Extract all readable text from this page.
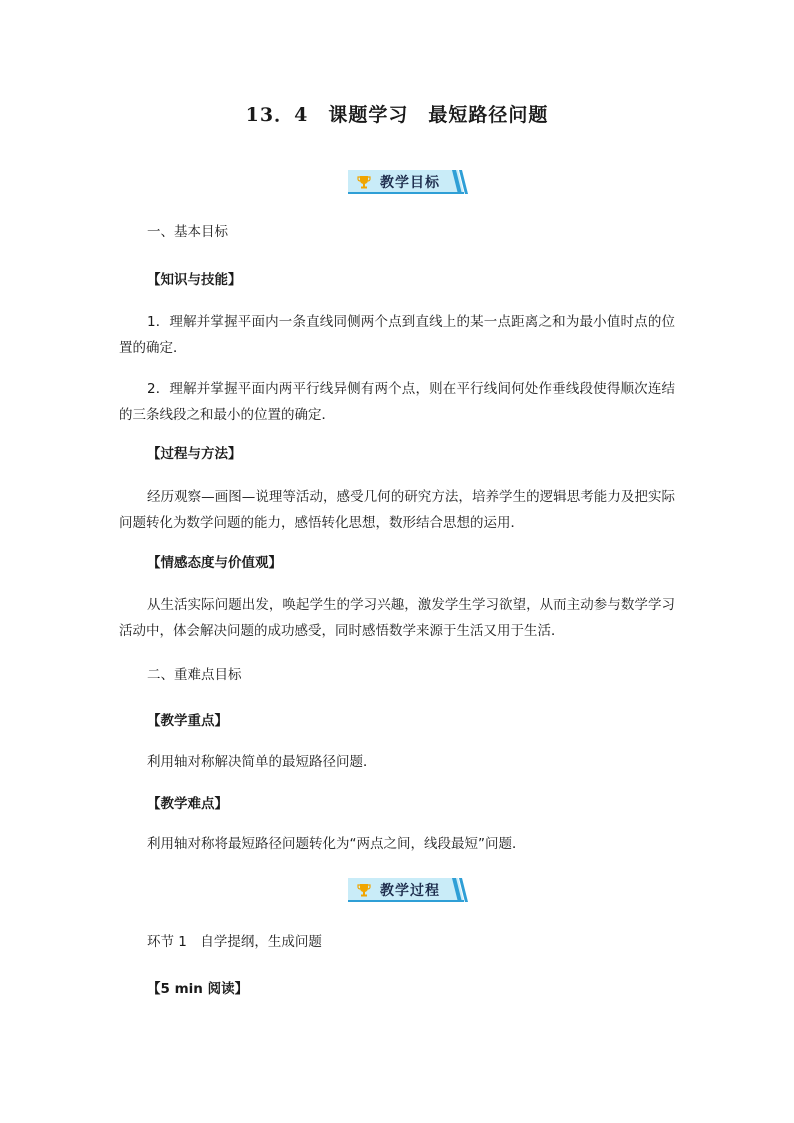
13．4　课题学习　最短路径问题
教学目标
一、基本目标
【知识与技能】
1．理解并掌握平面内一条直线同侧两个点到直线上的某一点距离之和为最小值时点的位置的确定．
2．理解并掌握平面内两平行线异侧有两个点，则在平行线间何处作垂线段使得顺次连结的三条线段之和最小的位置的确定．
【过程与方法】
经历观察—画图—说理等活动，感受几何的研究方法，培养学生的逻辑思考能力及把实际问题转化为数学问题的能力，感悟转化思想，数形结合思想的运用．
【情感态度与价值观】
从生活实际问题出发，唤起学生的学习兴趣，激发学生学习欲望，从而主动参与数学学习活动中，体会解决问题的成功感受，同时感悟数学来源于生活又用于生活．
二、重难点目标
【教学重点】
利用轴对称解决简单的最短路径问题．
【教学难点】
利用轴对称将最短路径问题转化为“两点之间，线段最短”问题．
教学过程
环节 1　自学提纲，生成问题
【5 min 阅读】
